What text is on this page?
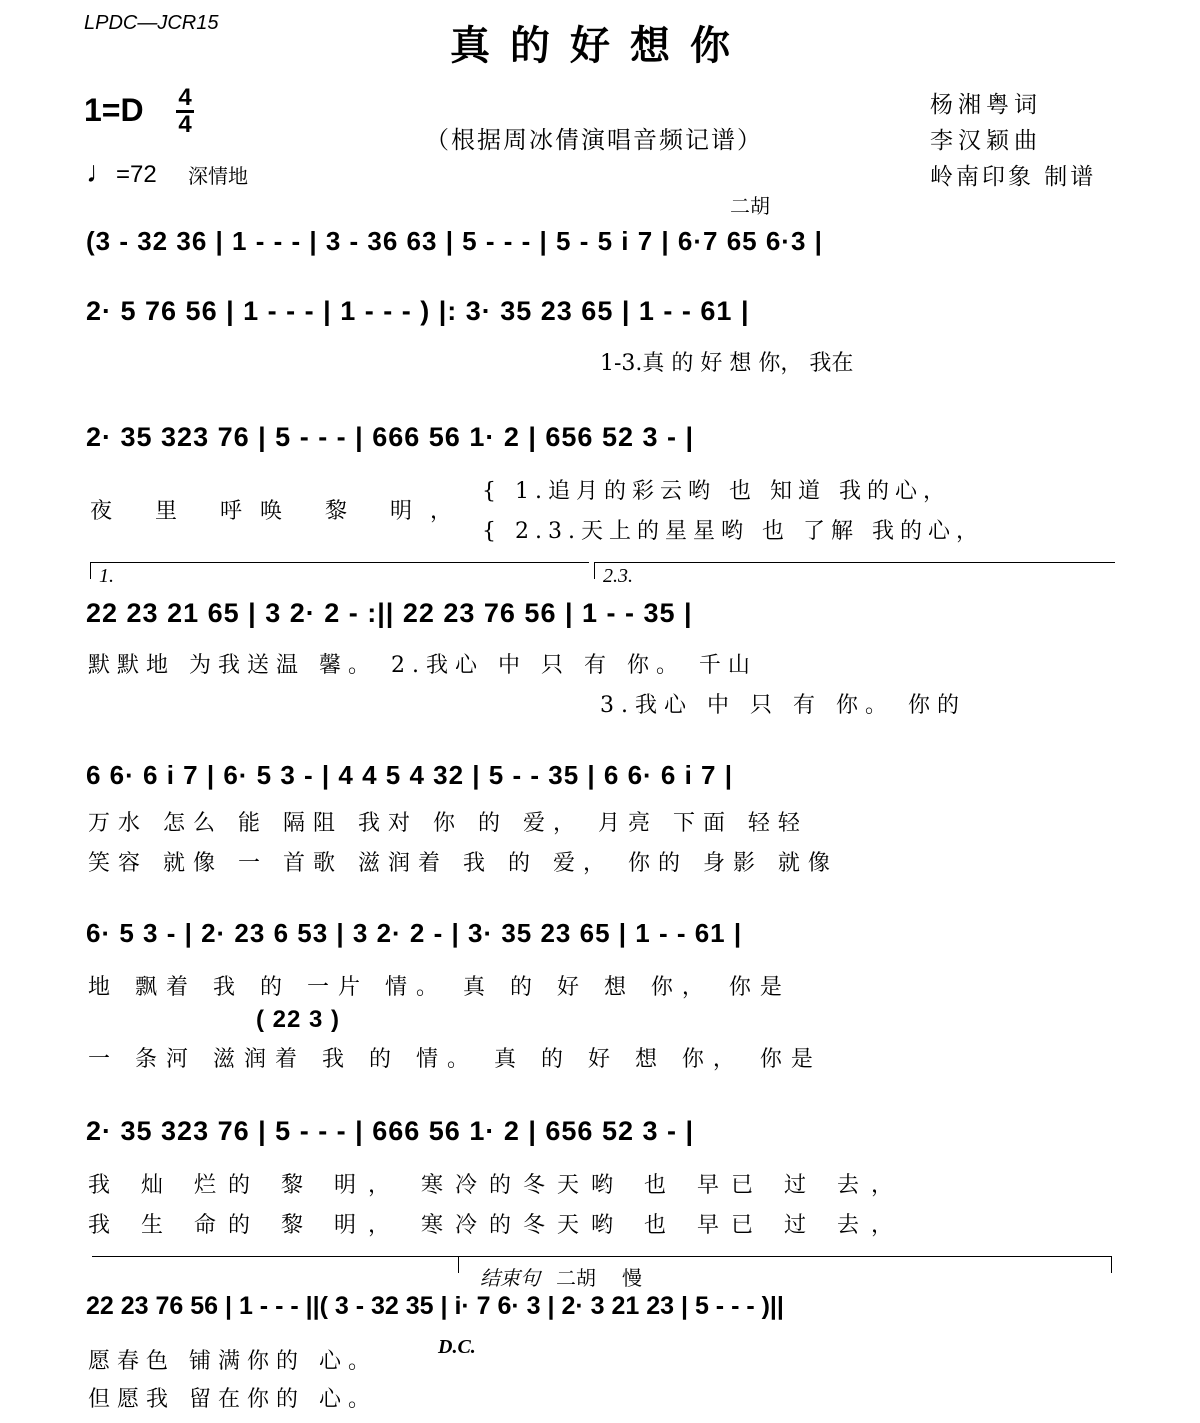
LPDC—JCR15	真的好想你
1=D 4
4
♩=72 深情地
（根据周冰倩演唱音频记谱）
杨湘粤词
李汉颖曲
岭南印象 制谱
二胡
(3 - 32 36 | 1 - - - | 3 - 36 63 | 5 - - - | 5 - 5 i 7 | 6·7 65 6·3 |
2· 5 76 56 | 1 - - - | 1 - - - ) |: 3· 35 23 65 | 1 - - 61 |
1-3.真 的 好 想 你， 我在
2· 35 323 76 | 5 - - - | 666 56 1· 2 | 656 52 3 - |
夜 里 呼唤 黎 明，
{ 1.追月的彩云哟 也 知道 我的心，
{ 2.3.天上的星星哟 也 了解 我的心，
1.	2.3.
22 23 21 65 | 3 2· 2 - :|| 22 23 76 56 | 1 - - 35 |
默默地 为我送温 馨。 2.我心 中 只 有 你。 千山
3.我心 中 只 有 你。 你的
6 6· 6 i 7 | 6· 5 3 - | 4 4 5 4 32 | 5 - - 35 | 6 6· 6 i 7 |
万水 怎么 能 隔阻 我对 你 的 爱， 月亮 下面 轻轻
笑容 就像 一 首歌 滋润着 我 的 爱， 你的 身影 就像
6· 5 3 - | 2· 23 6 53 | 3 2· 2 - | 3· 35 23 65 | 1 - - 61 |
地 飘着 我 的 一片 情。 真 的 好 想 你， 你是
( 22 3 )
一 条河 滋润着 我 的 情。 真 的 好 想 你， 你是
2· 35 323 76 | 5 - - - | 666 56 1· 2 | 656 52 3 - |
我 灿 烂的 黎 明， 寒冷的冬天哟 也 早已 过 去，
我 生 命的 黎 明， 寒冷的冬天哟 也 早已 过 去，
结束句 二胡 慢
22 23 76 56 | 1 - - - ||( 3 - 32 35 | i· 7 6· 3 | 2· 3 21 23 | 5 - - - )||
愿春色 铺满你的 心。
D.C.
但愿我 留在你的 心。
